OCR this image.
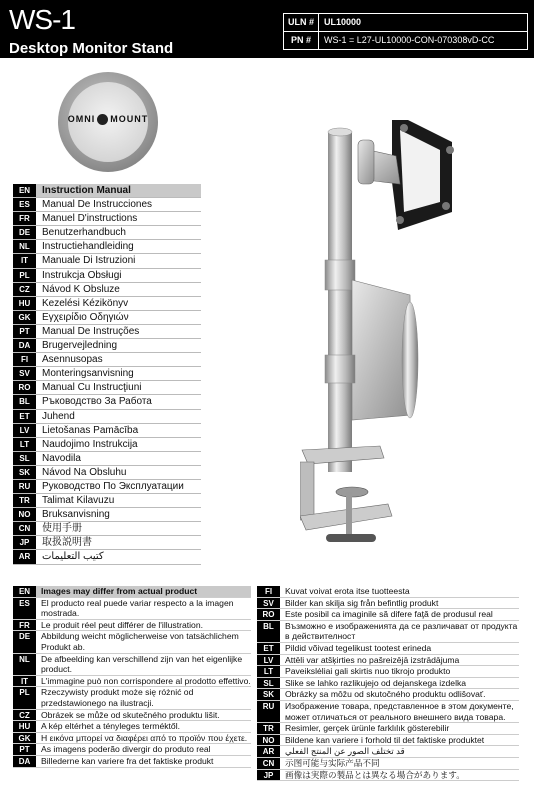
WS-1
Desktop Monitor Stand
ULN #	UL10000
PN #	WS-1 = L27-UL10000-CON-070308vD-CC
OMNI MOUNT
EN	Instruction Manual
ES	Manual De Instrucciones
FR	Manuel D'instructions
DE	Benutzerhandbuch
NL	Instructiehandleiding
IT	Manuale Di Istruzioni
PL	Instrukcja Obsługi
CZ	Návod K Obsluze
HU	Kezelési Kézikönyv
GK	Εγχειρίδιο Οδηγιών
PT	Manual De Instruções
DA	Brugervejledning
FI	Asennusopas
SV	Monteringsanvisning
RO	Manual Cu Instrucţiuni
BL	Ръководство За Работа
ET	Juhend
LV	Lietošanas Pamācība
LT	Naudojimo Instrukcija
SL	Navodila
SK	Návod Na Obsluhu
RU	Руководство По Эксплуатации
TR	Talimat Kilavuzu
NO	Bruksanvisning
CN	使用手册
JP	取扱説明書
AR	كتيب التعليمات
EN	Images may differ from actual product
ES	El producto real puede variar respecto a la imagen mostrada.
FR	Le produit réel peut différer de l'illustration.
DE	Abbildung weicht möglicherweise von tatsächlichem Produkt ab.
NL	De afbeelding kan verschillend zijn van het eigenlijke product.
IT	L'immagine può non corrispondere al prodotto effettivo.
PL	Rzeczywisty produkt może się różnić od przedstawionego na ilustracji.
CZ	Obrázek se může od skutečného produktu lišit.
HU	A kép eltérhet a tényleges terméktől.
GK	Η εικόνα μπορεί να διαφέρει από το προϊόν που έχετε.
PT	As imagens poderão divergir do produto real
DA	Billederne kan variere fra det faktiske produkt
FI	Kuvat voivat erota itse tuotteesta
SV	Bilder kan skilja sig från befintlig produkt
RO	Este posibil ca imaginile să difere faţă de produsul real
BL	Възможно е изображенията да се различават от продукта в действителност
ET	Pildid võivad tegelikust tootest erineda
LV	Attēli var atšķirties no pašreizējā izstrādājuma
LT	Paveikslėliai gali skirtis nuo tikrojo produkto
SL	Slike se lahko razlikujejo od dejanskega izdelka
SK	Obrázky sa môžu od skutočného produktu odlišovať.
RU	Изображение товара, представленное в этом документе, может отличаться от реального внешнего вида товара.
TR	Resimler, gerçek ürünle farklılık gösterebilir
NO	Bildene kan variere i forhold til det faktiske produktet
AR	قد تختلف الصور عن المنتج الفعلي
CN	示图可能与实际产品不同
JP	画像は実際の製品とは異なる場合があります。
